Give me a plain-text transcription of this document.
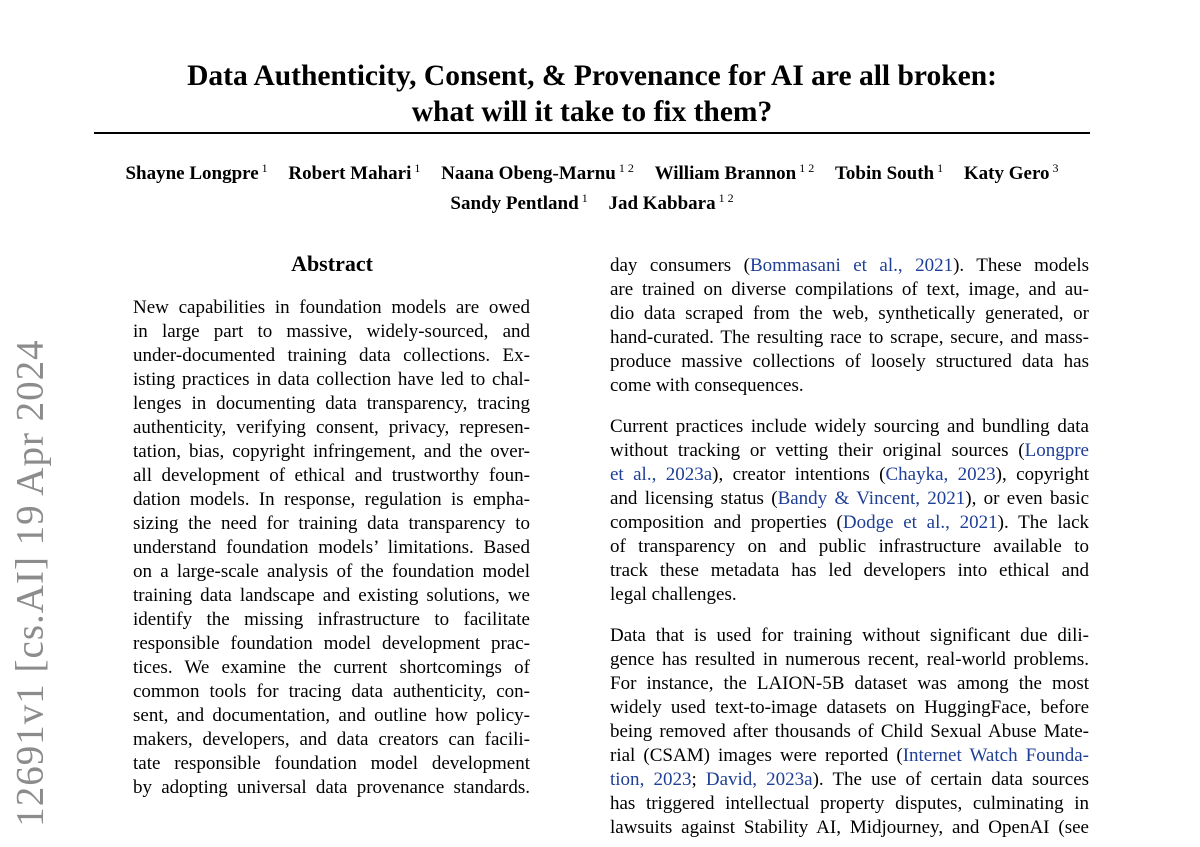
12691v1 [cs.AI] 19 Apr 2024
Data Authenticity, Consent, & Provenance for AI are all broken:
what will it take to fix them?
Shayne Longpre $^1$ Robert Mahari $^1$ Naana Obeng-Marnu $^{1 2}$ William Brannon $^{1 2}$ Tobin South $^1$ Katy Gero $^3$
Sandy Pentland $^1$ Jad Kabbara $^{1 2}$
Abstract
New capabilities in foundation models are owed
in large part to massive, widely-sourced, and
under-documented training data collections. Ex-
isting practices in data collection have led to chal-
lenges in documenting data transparency, tracing
authenticity, verifying consent, privacy, represen-
tation, bias, copyright infringement, and the over-
all development of ethical and trustworthy foun-
dation models. In response, regulation is empha-
sizing the need for training data transparency to
understand foundation models’ limitations. Based
on a large-scale analysis of the foundation model
training data landscape and existing solutions, we
identify the missing infrastructure to facilitate
responsible foundation model development prac-
tices. We examine the current shortcomings of
common tools for tracing data authenticity, con-
sent, and documentation, and outline how policy-
makers, developers, and data creators can facili-
tate responsible foundation model development
by adopting universal data provenance standards.
day consumers (Bommasani et al., 2021). These models
are trained on diverse compilations of text, image, and au-
dio data scraped from the web, synthetically generated, or
hand-curated. The resulting race to scrape, secure, and mass-
produce massive collections of loosely structured data has
come with consequences.
Current practices include widely sourcing and bundling data
without tracking or vetting their original sources (Longpre
et al., 2023a), creator intentions (Chayka, 2023), copyright
and licensing status (Bandy & Vincent, 2021), or even basic
composition and properties (Dodge et al., 2021). The lack
of transparency on and public infrastructure available to
track these metadata has led developers into ethical and
legal challenges.
Data that is used for training without significant due dili-
gence has resulted in numerous recent, real-world problems.
For instance, the LAION-5B dataset was among the most
widely used text-to-image datasets on HuggingFace, before
being removed after thousands of Child Sexual Abuse Mate-
rial (CSAM) images were reported (Internet Watch Founda-
tion, 2023; David, 2023a). The use of certain data sources
has triggered intellectual property disputes, culminating in
lawsuits against Stability AI, Midjourney, and OpenAI (see
